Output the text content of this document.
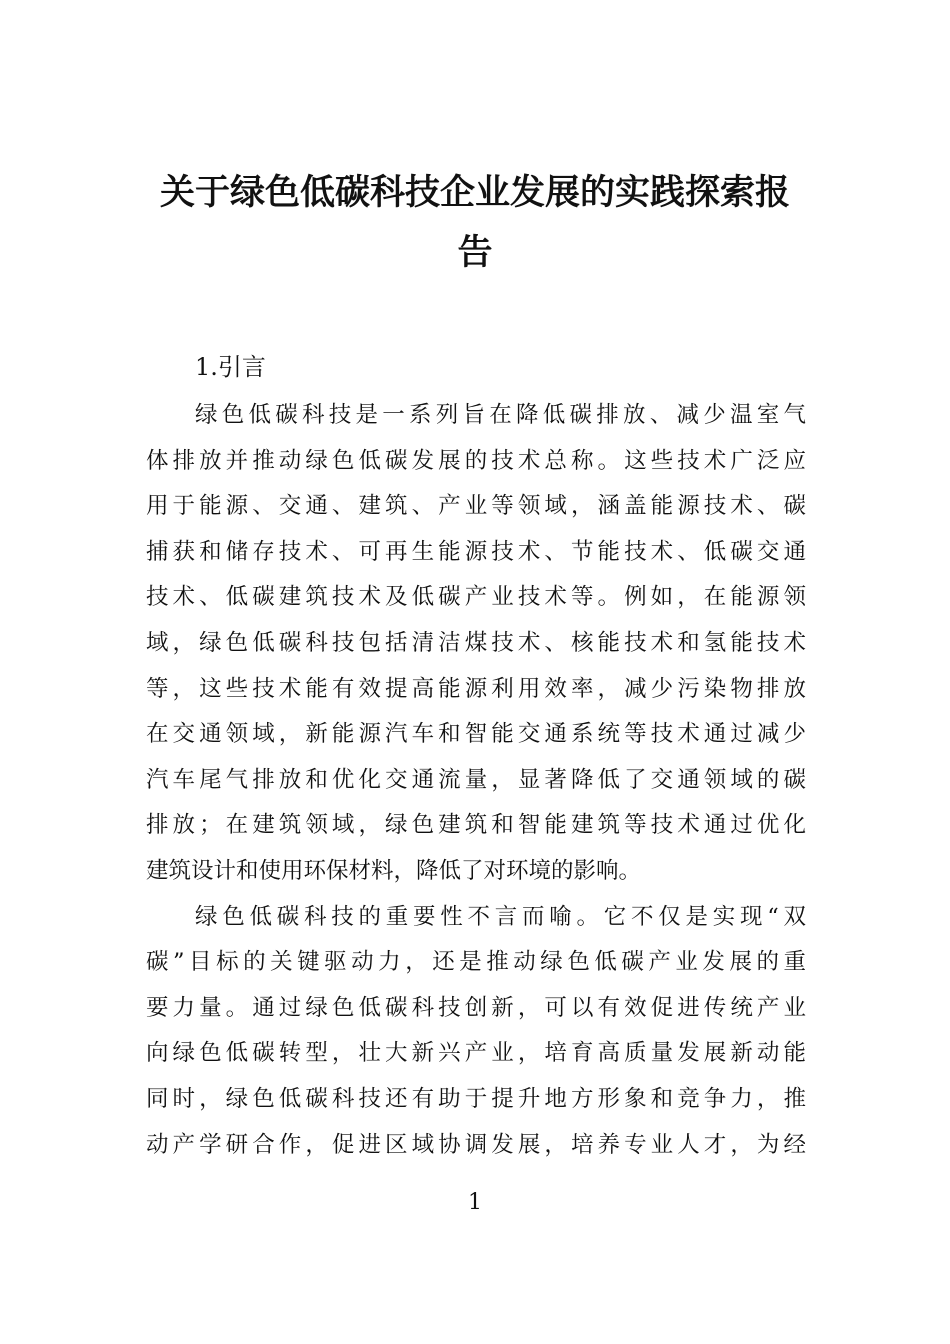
关于绿色低碳科技企业发展的实践探索报
告
1.引言
绿色低碳科技是一系列旨在降低碳排放、减少温室气
体排放并推动绿色低碳发展的技术总称。这些技术广泛应
用于能源、交通、建筑、产业等领域，涵盖能源技术、碳
捕获和储存技术、可再生能源技术、节能技术、低碳交通
技术、低碳建筑技术及低碳产业技术等。例如，在能源领
域，绿色低碳科技包括清洁煤技术、核能技术和氢能技术
等，这些技术能有效提高能源利用效率，减少污染物排放
在交通领域，新能源汽车和智能交通系统等技术通过减少
汽车尾气排放和优化交通流量，显著降低了交通领域的碳
排放；在建筑领域，绿色建筑和智能建筑等技术通过优化
建筑设计和使用环保材料，降低了对环境的影响。
绿色低碳科技的重要性不言而喻。它不仅是实现“双
碳”目标的关键驱动力，还是推动绿色低碳产业发展的重
要力量。通过绿色低碳科技创新，可以有效促进传统产业
向绿色低碳转型，壮大新兴产业，培育高质量发展新动能
同时，绿色低碳科技还有助于提升地方形象和竞争力，推
动产学研合作，促进区域协调发展，培养专业人才，为经
1
